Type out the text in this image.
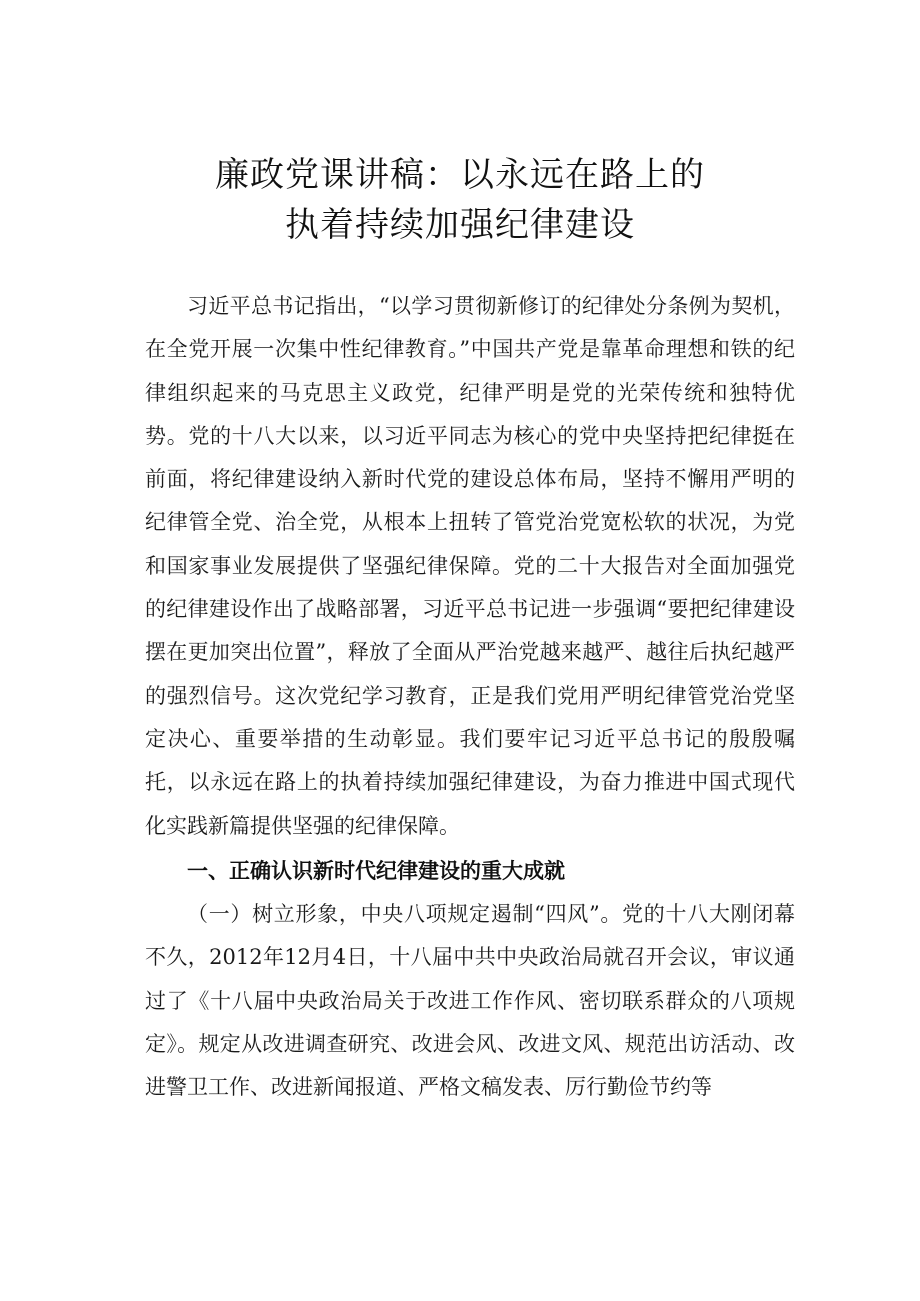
廉政党课讲稿：以永远在路上的
执着持续加强纪律建设

习近平总书记指出，“以学习贯彻新修订的纪律处分条例为契机，在全党开展一次集中性纪律教育。”中国共产党是靠革命理想和铁的纪律组织起来的马克思主义政党，纪律严明是党的光荣传统和独特优势。党的十八大以来，以习近平同志为核心的党中央坚持把纪律挺在前面，将纪律建设纳入新时代党的建设总体布局，坚持不懈用严明的纪律管全党、治全党，从根本上扭转了管党治党宽松软的状况，为党和国家事业发展提供了坚强纪律保障。党的二十大报告对全面加强党的纪律建设作出了战略部署，习近平总书记进一步强调“要把纪律建设摆在更加突出位置”，释放了全面从严治党越来越严、越往后执纪越严的强烈信号。这次党纪学习教育，正是我们党用严明纪律管党治党坚定决心、重要举措的生动彰显。我们要牢记习近平总书记的殷殷嘱托，以永远在路上的执着持续加强纪律建设，为奋力推进中国式现代化实践新篇提供坚强的纪律保障。

一、正确认识新时代纪律建设的重大成就

（一）树立形象，中央八项规定遏制“四风”。党的十八大刚闭幕不久，2012年12月4日，十八届中共中央政治局就召开会议，审议通过了《十八届中央政治局关于改进工作作风、密切联系群众的八项规定》。规定从改进调查研究、改进会风、改进文风、规范出访活动、改进警卫工作、改进新闻报道、严格文稿发表、厉行勤俭节约等
